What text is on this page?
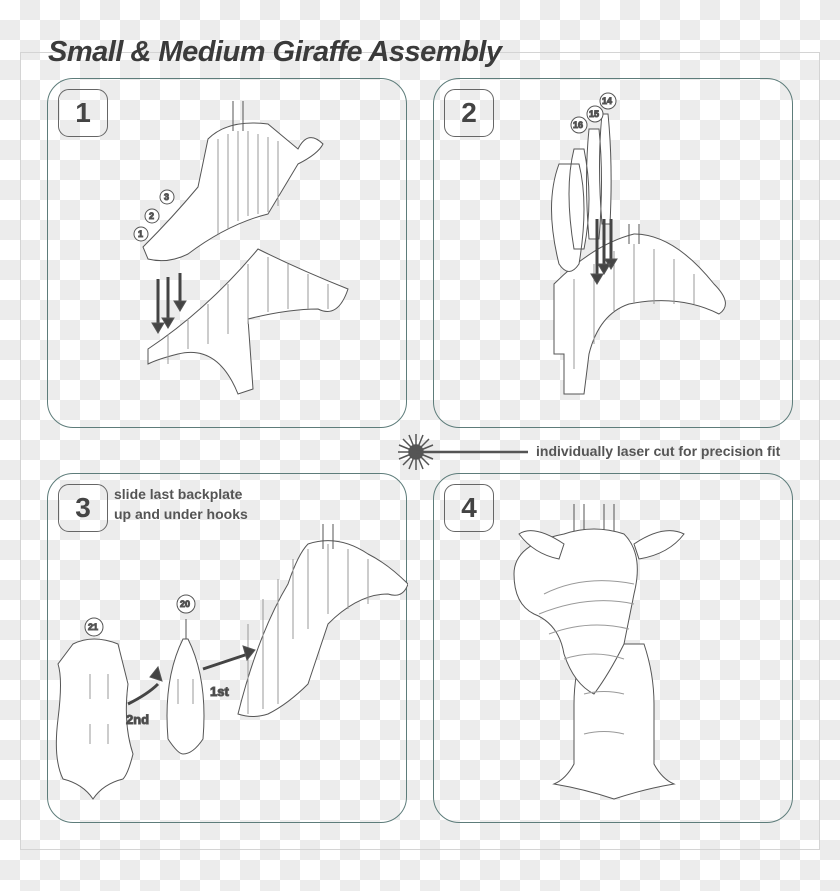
Small & Medium Giraffe Assembly
1
1
2
3
2	14
15
16
individually laser cut for precision fit
3	slide last backplate
up and under hooks
21
20
2nd
1st
4
